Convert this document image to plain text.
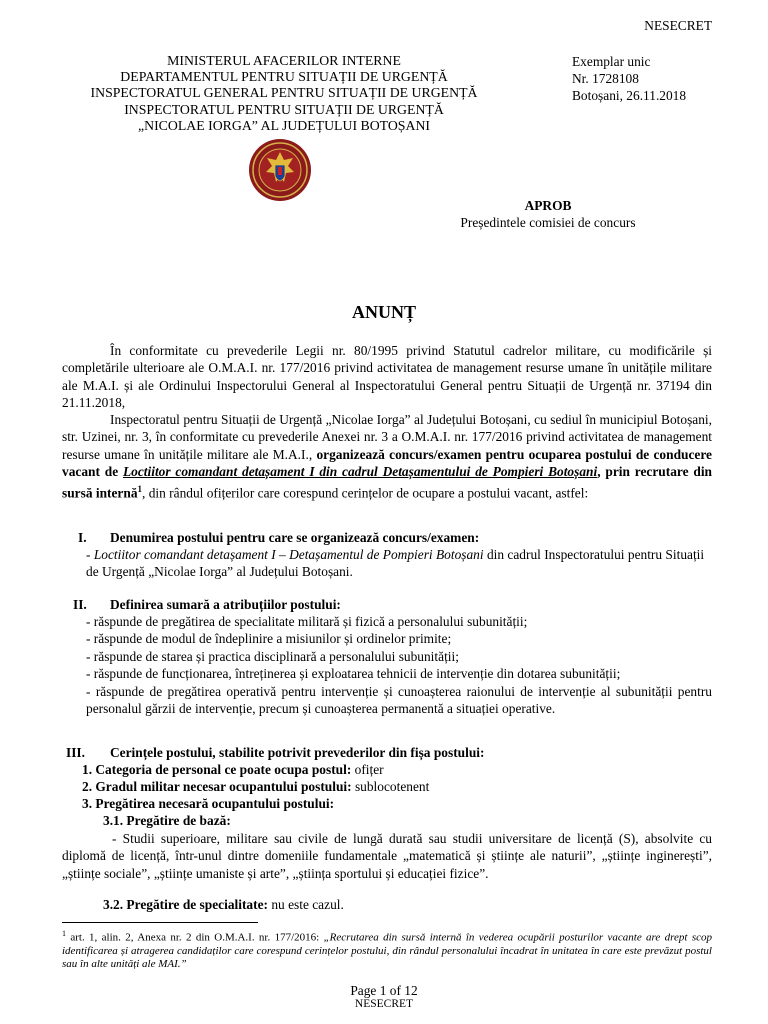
NESECRET
MINISTERUL AFACERILOR INTERNE
DEPARTAMENTUL PENTRU SITUAȚII DE URGENȚĂ
INSPECTORATUL GENERAL PENTRU SITUAȚII DE URGENȚĂ
INSPECTORATUL PENTRU SITUAȚII DE URGENȚĂ
„NICOLAE IORGA” AL JUDEȚULUI BOTOȘANI
Exemplar unic
Nr. 1728108
Botoșani, 26.11.2018
APROB
Președintele comisiei de concurs
ANUNȚ
În conformitate cu prevederile Legii nr. 80/1995 privind Statutul cadrelor militare, cu modificările și completările ulterioare ale O.M.A.I. nr. 177/2016 privind activitatea de management resurse umane în unitățile militare ale M.A.I. și ale Ordinului Inspectorului General al Inspectoratului General pentru Situații de Urgență nr. 37194 din 21.11.2018,
Inspectoratul pentru Situații de Urgență „Nicolae Iorga” al Județului Botoșani, cu sediul în municipiul Botoșani, str. Uzinei, nr. 3, în conformitate cu prevederile Anexei nr. 3 a O.M.A.I. nr. 177/2016 privind activitatea de management resurse umane în unitățile militare ale M.A.I., organizează concurs/examen pentru ocuparea postului de conducere vacant de Loctiitor comandant detașament I din cadrul Detașamentului de Pompieri Botoșani, prin recrutare din sursă internă$^1$, din rândul ofițerilor care corespund cerințelor de ocupare a postului vacant, astfel:
I. Denumirea postului pentru care se organizează concurs/examen:
- Loctiitor comandant detașament I – Detașamentul de Pompieri Botoșani din cadrul Inspectoratului pentru Situații de Urgență „Nicolae Iorga” al Județului Botoșani.
II. Definirea sumară a atribuțiilor postului:
- răspunde de pregătirea de specialitate militară și fizică a personalului subunității;
- răspunde de modul de îndeplinire a misiunilor și ordinelor primite;
- răspunde de starea și practica disciplinară a personalului subunității;
- răspunde de funcționarea, întreținerea și exploatarea tehnicii de intervenție din dotarea subunității;
- răspunde de pregătirea operativă pentru intervenție și cunoașterea raionului de intervenție al subunității pentru personalul gărzii de intervenție, precum și cunoașterea permanentă a situației operative.
III. Cerințele postului, stabilite potrivit prevederilor din fișa postului:
1. Categoria de personal ce poate ocupa postul: ofițer
2. Gradul militar necesar ocupantului postului: sublocotenent
3. Pregătirea necesară ocupantului postului:
3.1. Pregătire de bază:
- Studii superioare, militare sau civile de lungă durată sau studii universitare de licență (S), absolvite cu diplomă de licență, într-unul dintre domeniile fundamentale „matematică și științe ale naturii”, „științe inginerești”, „științe sociale”, „științe umaniste și arte”, „știința sportului și educației fizice”.
3.2. Pregătire de specialitate: nu este cazul.
$^1$ art. 1, alin. 2, Anexa nr. 2 din O.M.A.I. nr. 177/2016: „Recrutarea din sursă internă în vederea ocupării posturilor vacante are drept scop identificarea și atragerea candidaților care corespund cerințelor postului, din rândul personalului încadrat în unitatea în care este prevăzut postul sau în alte unități ale MAI.”
Page 1 of 12
NESECRET
